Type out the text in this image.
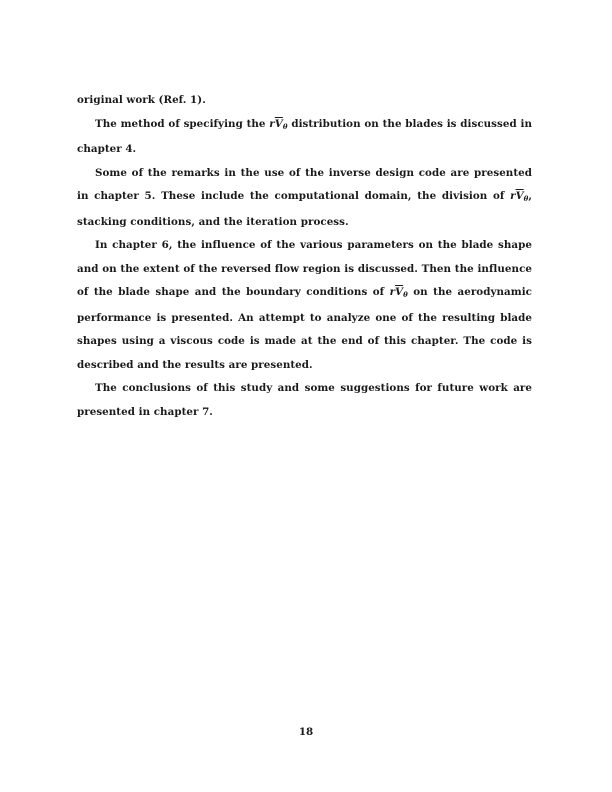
original work (Ref. 1).

The method of specifying the $r\overline{V}_\theta$ distribution on the blades is discussed in chapter 4.

Some of the remarks in the use of the inverse design code are presented in chapter 5. These include the computational domain, the division of $r\overline{V}_\theta$, stacking conditions, and the iteration process.

In chapter 6, the influence of the various parameters on the blade shape and on the extent of the reversed flow region is discussed. Then the influence of the blade shape and the boundary conditions of $r\overline{V}_\theta$ on the aerodynamic performance is presented. An attempt to analyze one of the resulting blade shapes using a viscous code is made at the end of this chapter. The code is described and the results are presented.

The conclusions of this study and some suggestions for future work are presented in chapter 7.

18
